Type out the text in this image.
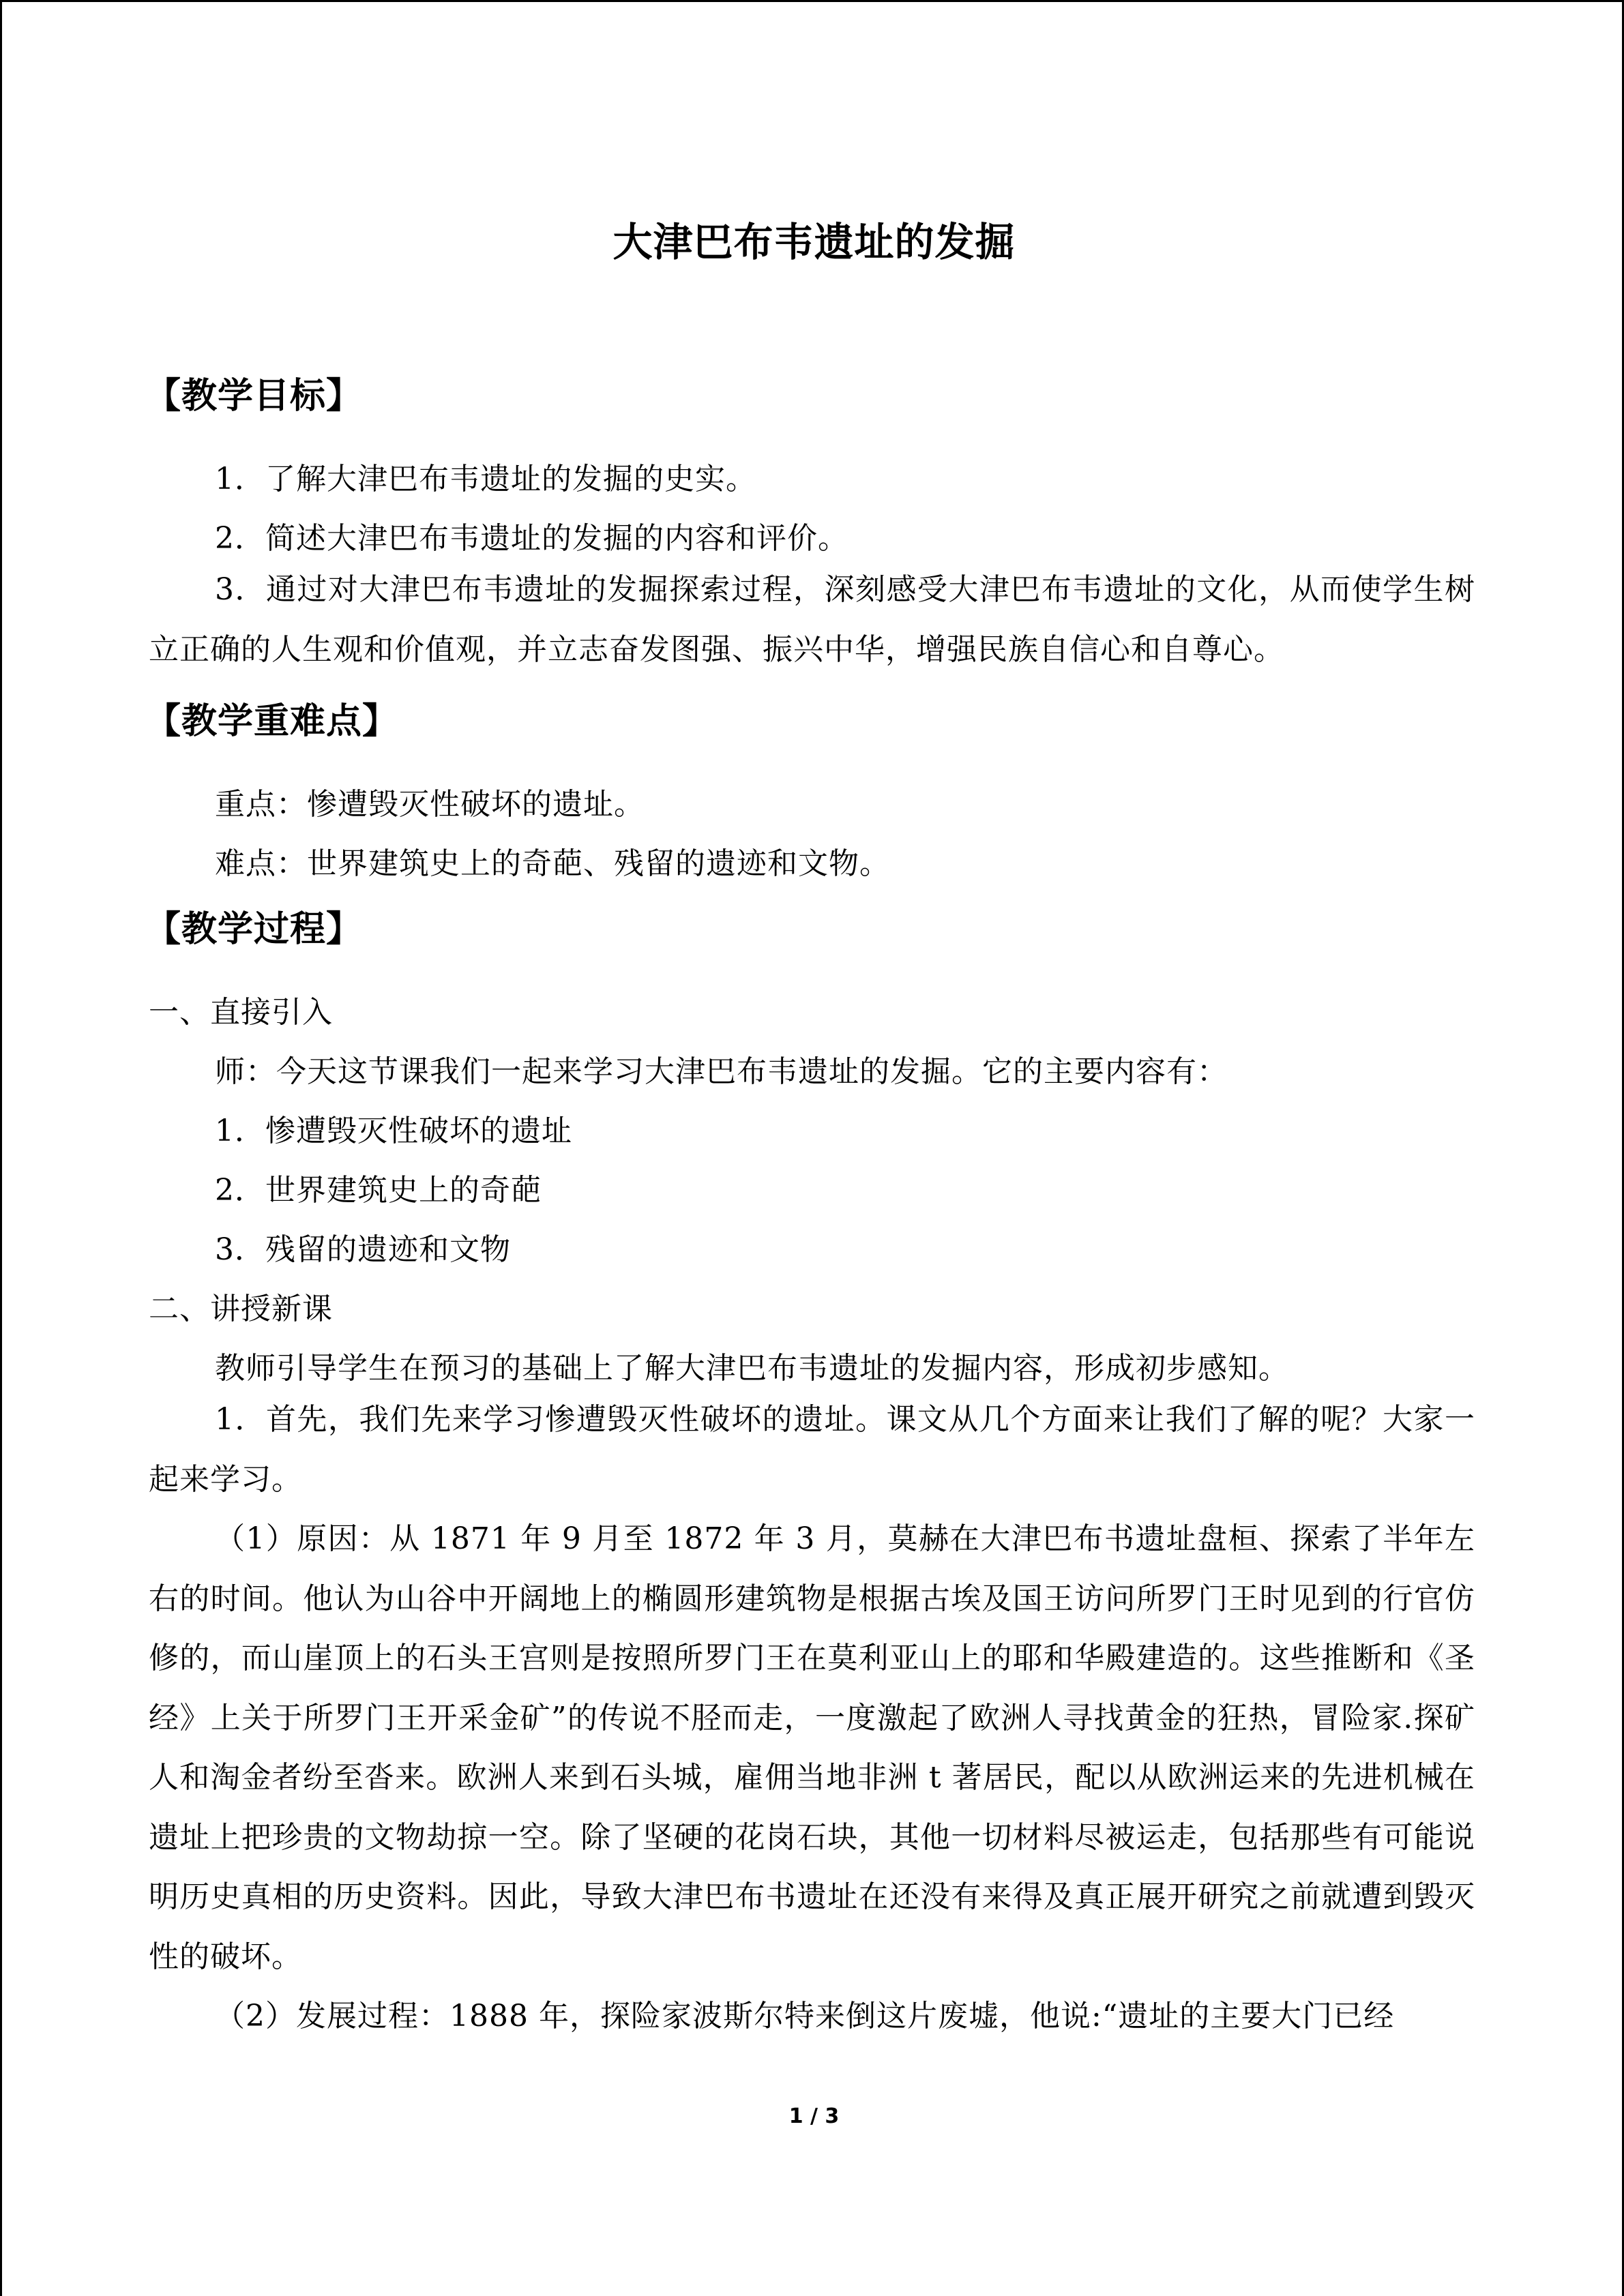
大津巴布韦遗址的发掘
【教学目标】
1．了解大津巴布韦遗址的发掘的史实。
2．简述大津巴布韦遗址的发掘的内容和评价。
3．通过对大津巴布韦遗址的发掘探索过程，深刻感受大津巴布韦遗址的文化，从而使学生树立正确的人生观和价值观，并立志奋发图强、振兴中华，增强民族自信心和自尊心。
【教学重难点】
重点：惨遭毁灭性破坏的遗址。
难点：世界建筑史上的奇葩、残留的遗迹和文物。
【教学过程】
一、直接引入
师：今天这节课我们一起来学习大津巴布韦遗址的发掘。它的主要内容有：
1．惨遭毁灭性破坏的遗址
2．世界建筑史上的奇葩
3．残留的遗迹和文物
二、讲授新课
教师引导学生在预习的基础上了解大津巴布韦遗址的发掘内容，形成初步感知。
1．首先，我们先来学习惨遭毁灭性破坏的遗址。课文从几个方面来让我们了解的呢？大家一起来学习。
（1）原因：从 1871 年 9 月至 1872 年 3 月，莫赫在大津巴布书遗址盘桓、探索了半年左右的时间。他认为山谷中开阔地上的椭圆形建筑物是根据古埃及国王访问所罗门王时见到的行官仿修的，而山崖顶上的石头王宫则是按照所罗门王在莫利亚山上的耶和华殿建造的。这些推断和《圣经》上关于所罗门王开采金矿”的传说不胫而走，一度激起了欧洲人寻找黄金的狂热，冒险家.探矿人和淘金者纷至沓来。欧洲人来到石头城，雇佣当地非洲 t 著居民，配以从欧洲运来的先进机械在遗址上把珍贵的文物劫掠一空。除了坚硬的花岗石块，其他一切材料尽被运走，包括那些有可能说明历史真相的历史资料。因此，导致大津巴布书遗址在还没有来得及真正展开研究之前就遭到毁灭性的破坏。
（2）发展过程：1888 年，探险家波斯尔特来倒这片废墟，他说:“遗址的主要大门已经
1 / 3
